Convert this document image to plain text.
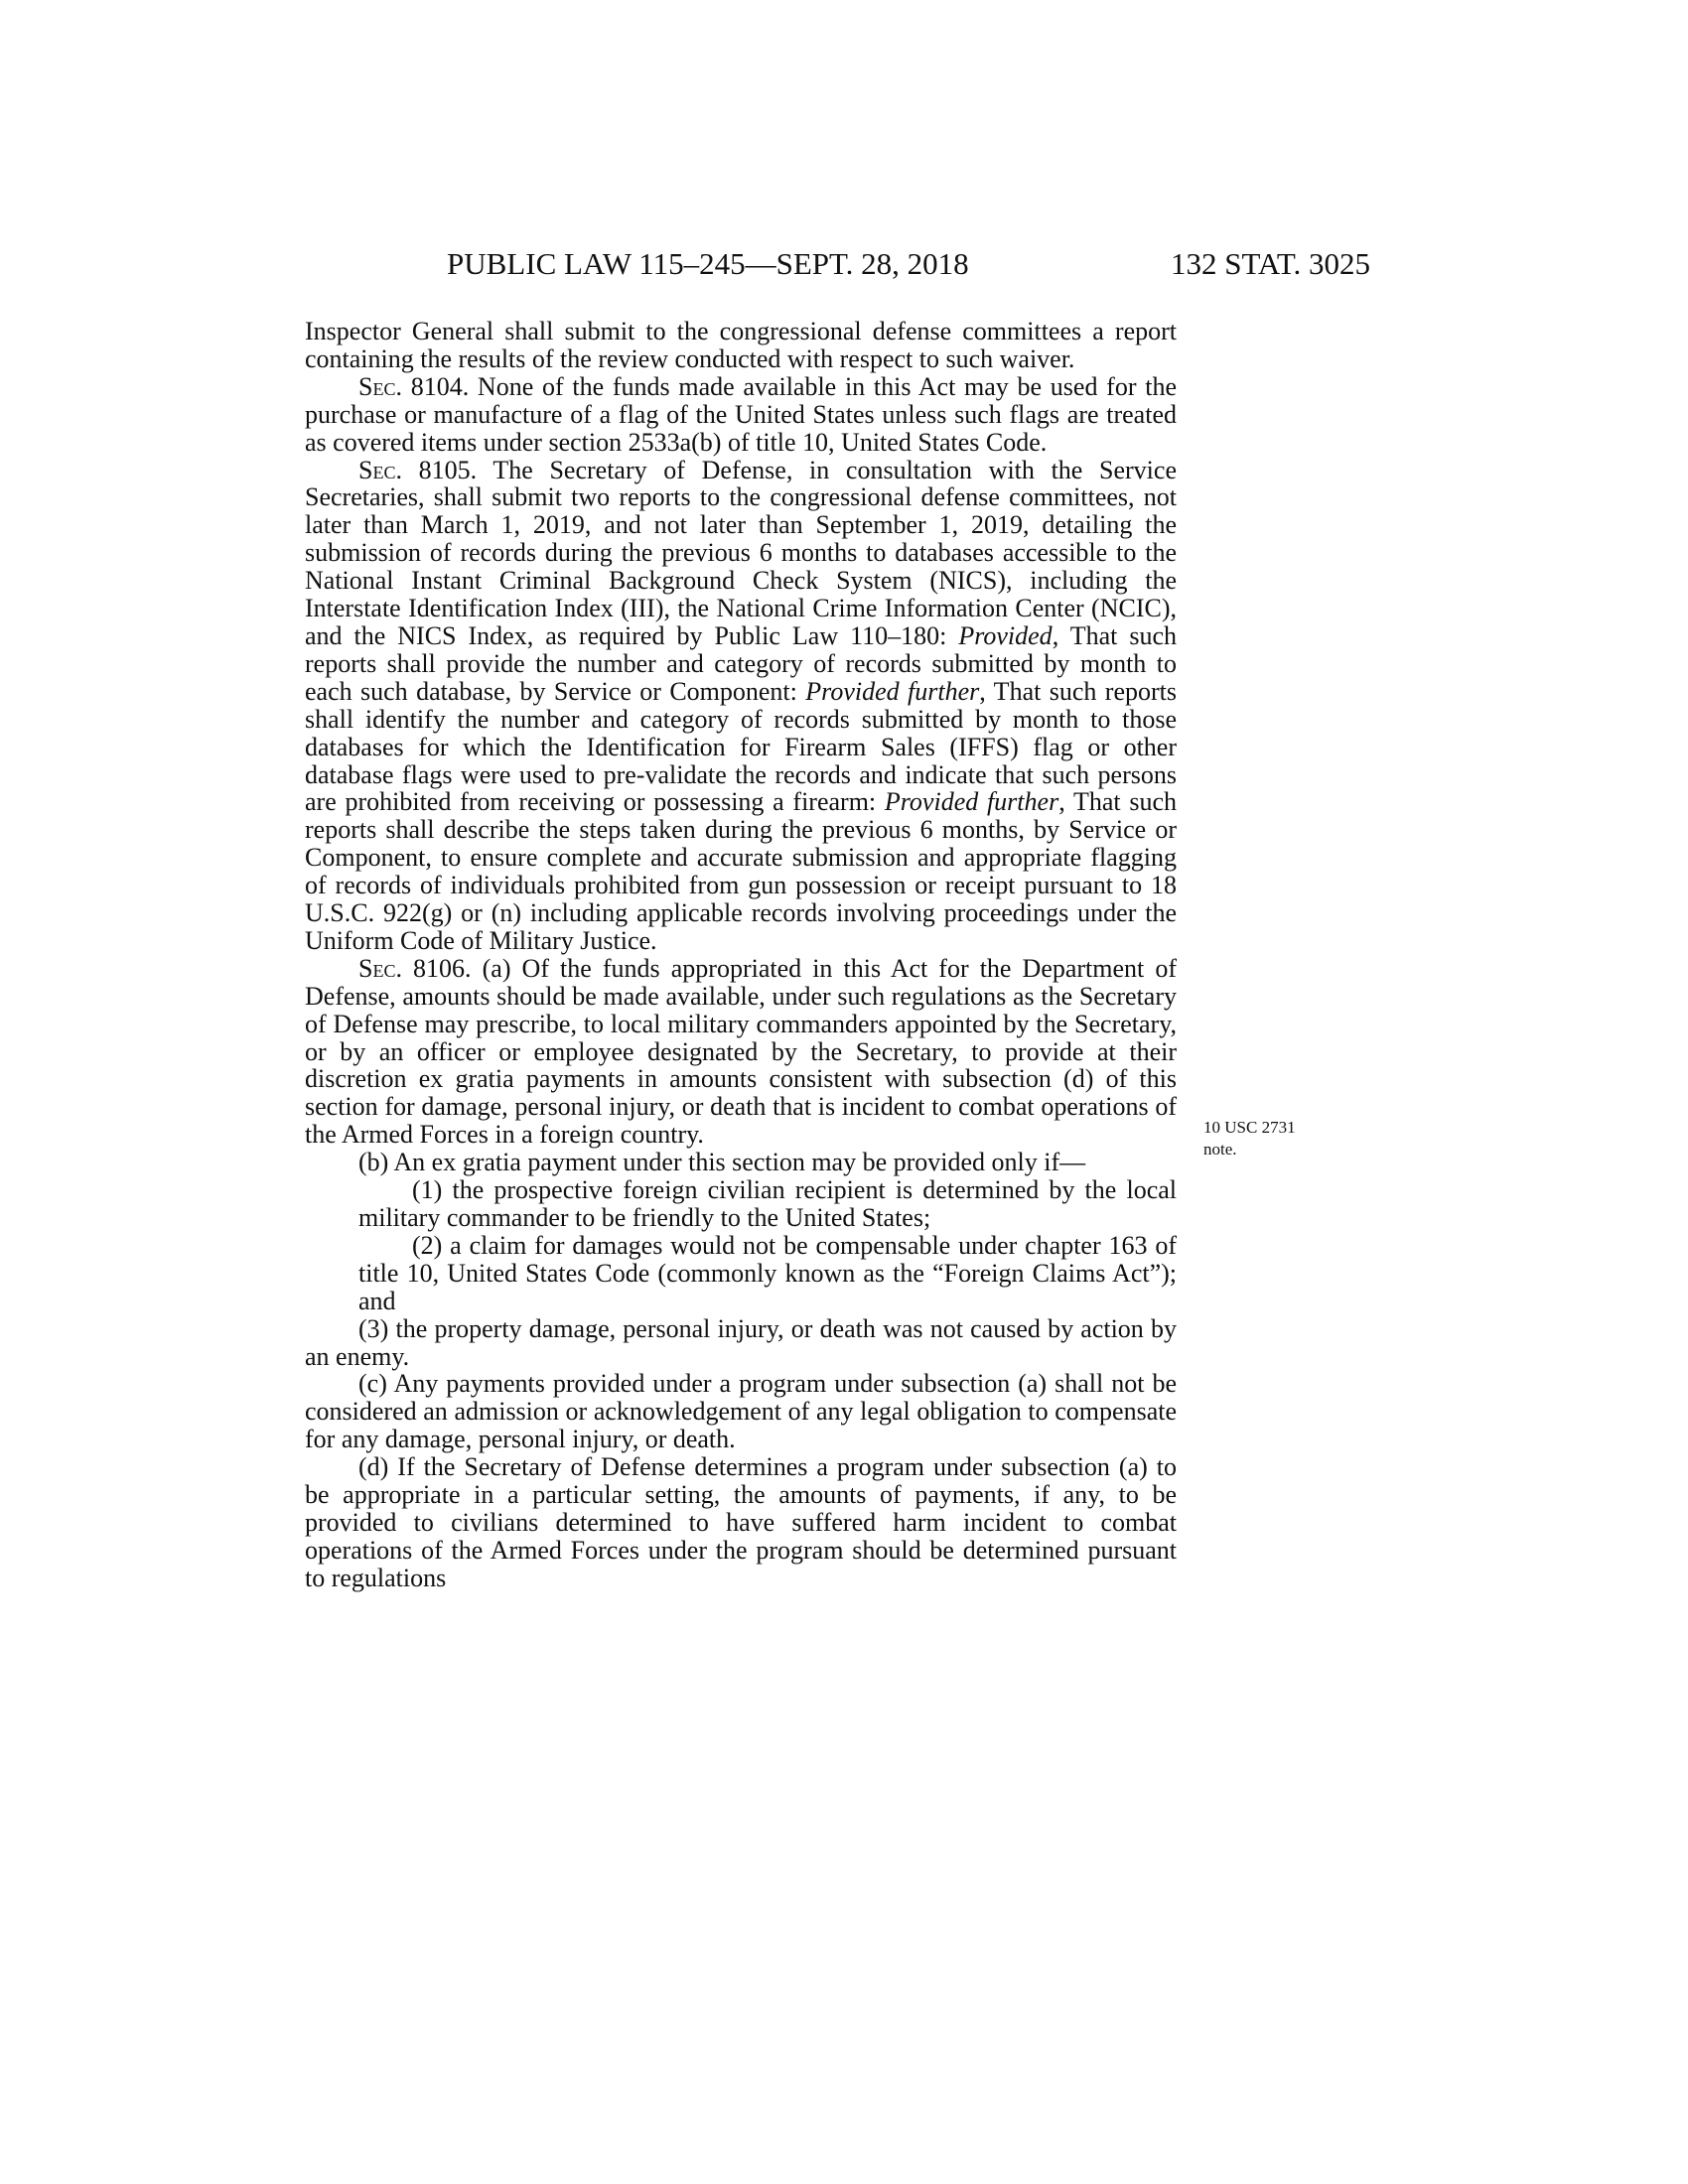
PUBLIC LAW 115–245—SEPT. 28, 2018	132 STAT. 3025
10 USC 2731
note.

Inspector General shall submit to the congressional defense committees a report containing the results of the review conducted with respect to such waiver.

Sec. 8104. None of the funds made available in this Act may be used for the purchase or manufacture of a flag of the United States unless such flags are treated as covered items under section 2533a(b) of title 10, United States Code.

Sec. 8105. The Secretary of Defense, in consultation with the Service Secretaries, shall submit two reports to the congressional defense committees, not later than March 1, 2019, and not later than September 1, 2019, detailing the submission of records during the previous 6 months to databases accessible to the National Instant Criminal Background Check System (NICS), including the Interstate Identification Index (III), the National Crime Information Center (NCIC), and the NICS Index, as required by Public Law 110–180: Provided, That such reports shall provide the number and category of records submitted by month to each such database, by Service or Component: Provided further, That such reports shall identify the number and category of records submitted by month to those databases for which the Identification for Firearm Sales (IFFS) flag or other database flags were used to pre-validate the records and indicate that such persons are prohibited from receiving or possessing a firearm: Provided further, That such reports shall describe the steps taken during the previous 6 months, by Service or Component, to ensure complete and accurate submission and appropriate flagging of records of individuals prohibited from gun possession or receipt pursuant to 18 U.S.C. 922(g) or (n) including applicable records involving proceedings under the Uniform Code of Military Justice.

Sec. 8106. (a) Of the funds appropriated in this Act for the Department of Defense, amounts should be made available, under such regulations as the Secretary of Defense may prescribe, to local military commanders appointed by the Secretary, or by an officer or employee designated by the Secretary, to provide at their discretion ex gratia payments in amounts consistent with subsection (d) of this section for damage, personal injury, or death that is incident to combat operations of the Armed Forces in a foreign country.

(b) An ex gratia payment under this section may be provided only if—

(1) the prospective foreign civilian recipient is determined by the local military commander to be friendly to the United States;

(2) a claim for damages would not be compensable under chapter 163 of title 10, United States Code (commonly known as the “Foreign Claims Act”); and

(3) the property damage, personal injury, or death was not caused by action by an enemy.

(c) Any payments provided under a program under subsection (a) shall not be considered an admission or acknowledgement of any legal obligation to compensate for any damage, personal injury, or death.

(d) If the Secretary of Defense determines a program under subsection (a) to be appropriate in a particular setting, the amounts of payments, if any, to be provided to civilians determined to have suffered harm incident to combat operations of the Armed Forces under the program should be determined pursuant to regulations
